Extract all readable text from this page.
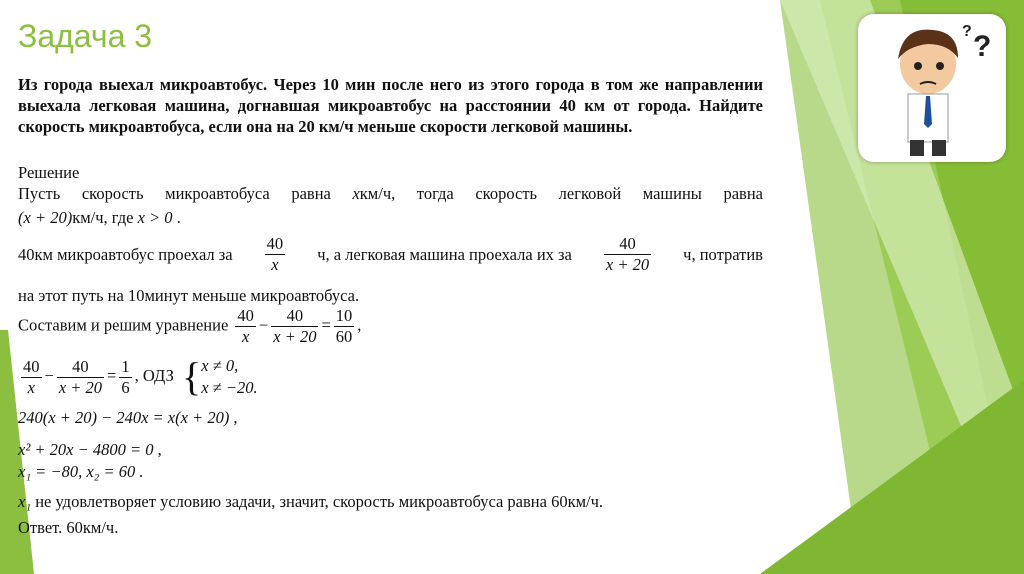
Задача 3	? ?
Из города выехал микроавтобус. Через 10 мин после него из этого города в том же направлении выехала легковая машина, догнавшая микроавтобус на расстоянии 40 км от города. Найдите скорость микроавтобуса, если она на 20 км/ч меньше скорости легковой машины.
Решение
Пусть скорость микроавтобуса равна xкм/ч, тогда скорость легковой машины равна
(x + 20)км/ч, где x > 0 .
40км микроавтобус проехал за $\frac{40}{x} ч$, а легковая машина проехала их за $\frac{40}{x + 20} ч$, потратив
на этот путь на 10минут меньше микроавтобуса.
Составим и решим уравнение $\frac{40}{x} - \frac{40}{x + 20} = \frac{10}{60}$ ,
$\frac{40}{x} - \frac{40}{x + 20} = \frac{1}{6}$ , ОДЗ { x ≠ 0,
x ≠ −20.
240(x + 20) − 240x = x(x + 20) ,
x² + 20x − 4800 = 0 ,
x₁ = −80, x₂ = 60 .
x₁ не удовлетворяет условию задачи, значит, скорость микроавтобуса равна 60км/ч.
Ответ. 60км/ч.
